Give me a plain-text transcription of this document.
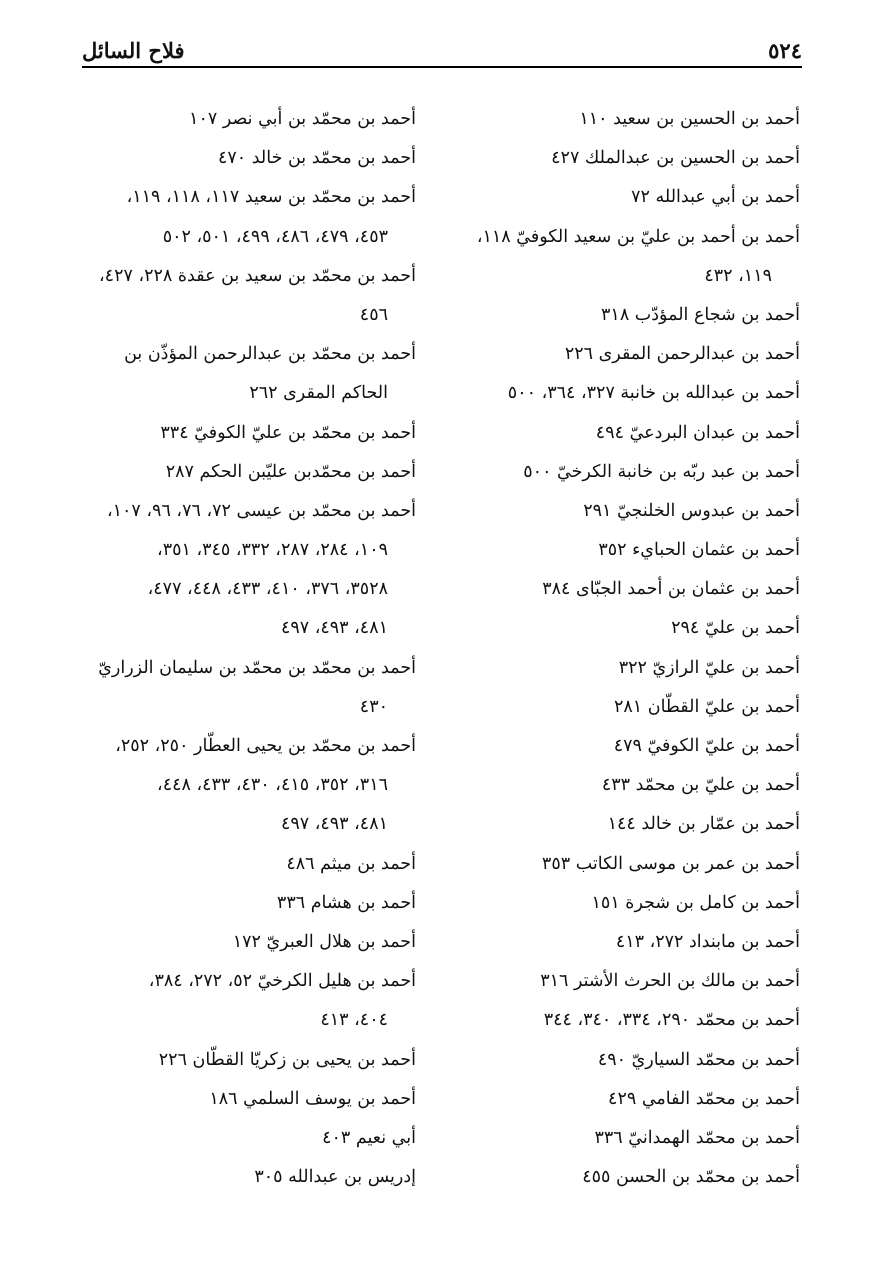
فلاح السائل	٥٢٤
أحمد بن الحسين بن سعيد ١١٠
أحمد بن الحسين بن عبدالملك ٤٢٧
أحمد بن أبي عبدالله ٧٢
أحمد بن أحمد بن عليّ بن سعيد الكوفيّ ١١٨،
١١٩، ٤٣٢
أحمد بن شجاع المؤدّب ٣١٨
أحمد بن عبدالرحمن المقرى ٢٢٦
أحمد بن عبدالله بن خانبة ٣٢٧، ٣٦٤، ٥٠٠
أحمد بن عبدان البردعيّ ٤٩٤
أحمد بن عبد ربّه بن خانبة الكرخيّ ٥٠٠
أحمد بن عبدوس الخلنجيّ ٢٩١
أحمد بن عثمان الحبايء ٣٥٢
أحمد بن عثمان بن أحمد الجبّاى ٣٨٤
أحمد بن عليّ ٢٩٤
أحمد بن عليّ الرازيّ ٣٢٢
أحمد بن عليّ القطّان ٢٨١
أحمد بن عليّ الكوفيّ ٤٧٩
أحمد بن عليّ بن محمّد ٤٣٣
أحمد بن عمّار بن خالد ١٤٤
أحمد بن عمر بن موسى الكاتب ٣٥٣
أحمد بن كامل بن شجرة ١٥١
أحمد بن مابنداد ٢٧٢، ٤١٣
أحمد بن مالك بن الحرث الأشتر ٣١٦
أحمد بن محمّد ٢٩٠، ٣٣٤، ٣٤٠، ٣٤٤
أحمد بن محمّد السياريّ ٤٩٠
أحمد بن محمّد الفامي ٤٢٩
أحمد بن محمّد الهمدانيّ ٣٣٦
أحمد بن محمّد بن الحسن ٤٥٥
أحمد بن محمّد بن أبي نصر ١٠٧
أحمد بن محمّد بن خالد ٤٧٠
أحمد بن محمّد بن سعيد ١١٧، ١١٨، ١١٩،
٤٥٣، ٤٧٩، ٤٨٦، ٤٩٩، ٥٠١، ٥٠٢
أحمد بن محمّد بن سعيد بن عقدة ٢٢٨، ٤٢٧،
٤٥٦
أحمد بن محمّد بن عبدالرحمن المؤذّن بن
الحاكم المقرى ٢٦٢
أحمد بن محمّد بن عليّ الكوفيّ ٣٣٤
أحمد بن محمّدبن عليّبن الحكم ٢٨٧
أحمد بن محمّد بن عيسى ٧٢، ٧٦، ٩٦، ١٠٧،
١٠٩، ٢٨٤، ٢٨٧، ٣٣٢، ٣٤٥، ٣٥١،
٣٥٢٨، ٣٧٦، ٤١٠، ٤٣٣، ٤٤٨، ٤٧٧،
٤٨١، ٤٩٣، ٤٩٧
أحمد بن محمّد بن محمّد بن سليمان الزراريّ
٤٣٠
أحمد بن محمّد بن يحيى العطّار ٢٥٠، ٢٥٢،
٣١٦، ٣٥٢، ٤١٥، ٤٣٠، ٤٣٣، ٤٤٨،
٤٨١، ٤٩٣، ٤٩٧
أحمد بن ميثم ٤٨٦
أحمد بن هشام ٣٣٦
أحمد بن هلال العبريّ ١٧٢
أحمد بن هليل الكرخيّ ٥٢، ٢٧٢، ٣٨٤،
٤٠٤، ٤١٣
أحمد بن يحيى بن زكريّا القطّان ٢٢٦
أحمد بن يوسف السلمي ١٨٦
أبي نعيم ٤٠٣
إدريس بن عبدالله ٣٠٥
